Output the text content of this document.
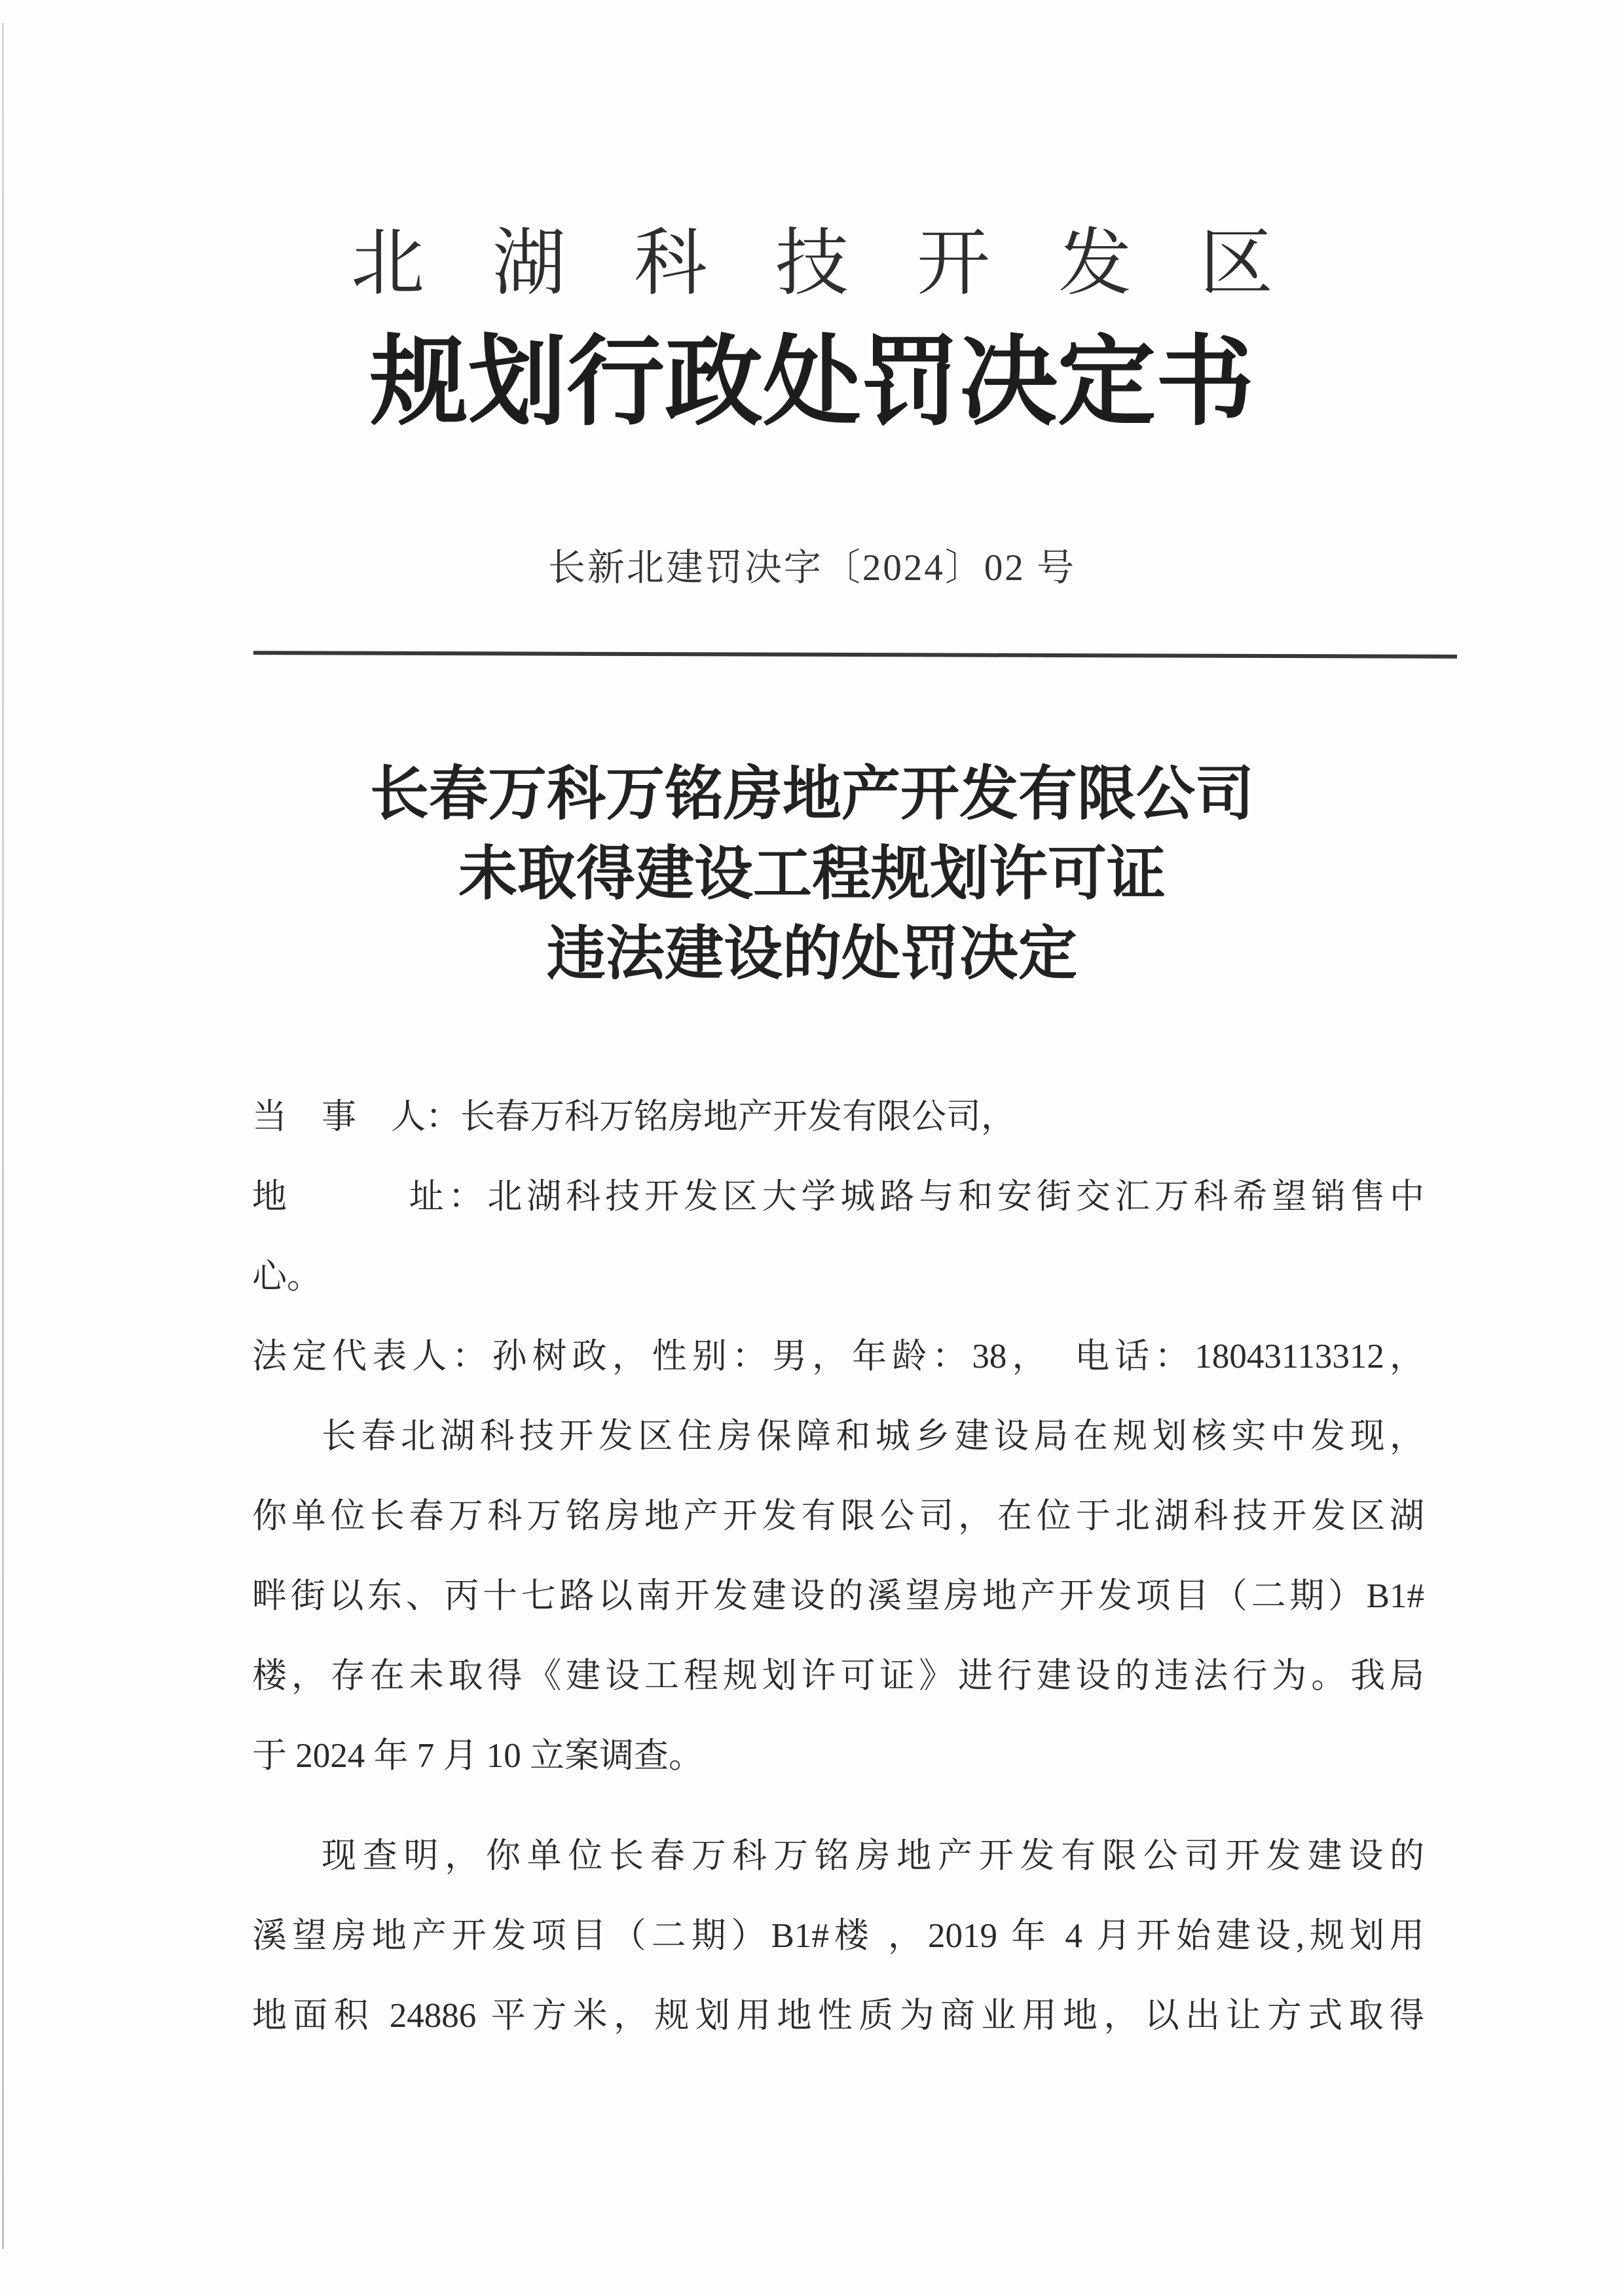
北湖科技开发区
规划行政处罚决定书
长新北建罚决字〔2024〕02 号
长春万科万铭房地产开发有限公司
未取得建设工程规划许可证
违法建设的处罚决定
当　事　人：长春万科万铭房地产开发有限公司，
地　　　址：北湖科技开发区大学城路与和安街交汇万科希望销售中
心。
法定代表人：孙树政，性别：男，年龄：38，　电话：18043113312，
长春北湖科技开发区住房保障和城乡建设局在规划核实中发现，
你单位长春万科万铭房地产开发有限公司，在位于北湖科技开发区湖
畔街以东、丙十七路以南开发建设的溪望房地产开发项目（二期）B1#
楼，存在未取得《建设工程规划许可证》进行建设的违法行为。我局
于 2024 年 7 月 10 立案调查。
现查明，你单位长春万科万铭房地产开发有限公司开发建设的
溪望房地产开发项目（二期）B1#楼 ，2019 年 4 月开始建设,规划用
地面积 24886 平方米，规划用地性质为商业用地，以出让方式取得
